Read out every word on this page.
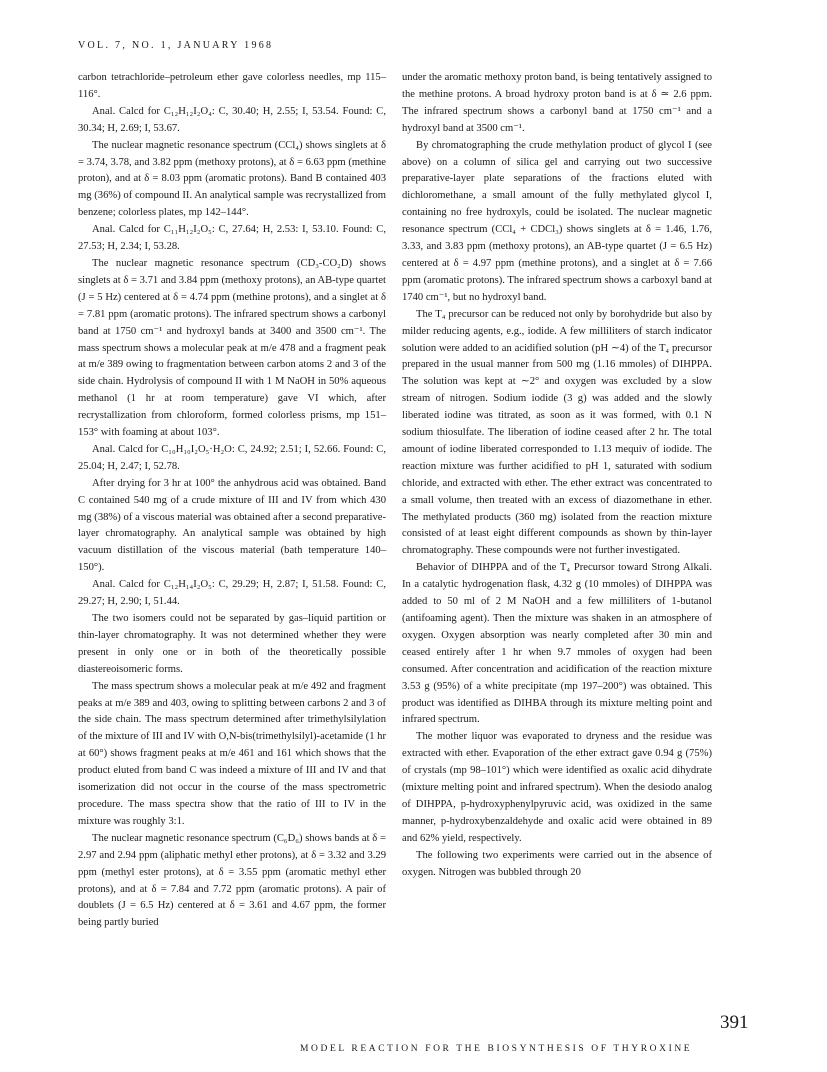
VOL. 7, NO. 1, JANUARY 1968

carbon tetrachloride–petroleum ether gave colorless needles, mp 115–116°.

Anal. Calcd for C₁₂H₁₂I₂O₄: C, 30.40; H, 2.55; I, 53.54. Found: C, 30.34; H, 2.69; I, 53.67.

The nuclear magnetic resonance spectrum (CCl₄) shows singlets at δ = 3.74, 3.78, and 3.82 ppm (methoxy protons), at δ = 6.63 ppm (methine proton), and at δ = 8.03 ppm (aromatic protons). Band B contained 403 mg (36%) of compound II. An analytical sample was recrystallized from benzene; colorless plates, mp 142–144°.

Anal. Calcd for C₁₁H₁₂I₂O₅: C, 27.64; H, 2.53: I, 53.10. Found: C, 27.53; H, 2.34; I, 53.28.

The nuclear magnetic resonance spectrum (CD₃-CO₂D) shows singlets at δ = 3.71 and 3.84 ppm (methoxy protons), an AB-type quartet (J = 5 Hz) centered at δ = 4.74 ppm (methine protons), and a singlet at δ = 7.81 ppm (aromatic protons). The infrared spectrum shows a carbonyl band at 1750 cm⁻¹ and hydroxyl bands at 3400 and 3500 cm⁻¹. The mass spectrum shows a molecular peak at m/e 478 and a fragment peak at m/e 389 owing to fragmentation between carbon atoms 2 and 3 of the side chain. Hydrolysis of compound II with 1 M NaOH in 50% aqueous methanol (1 hr at room temperature) gave VI which, after recrystallization from chloroform, formed colorless prisms, mp 151–153° with foaming at about 103°.

Anal. Calcd for C₁₀H₁₀I₂O₅·H₂O: C, 24.92; 2.51; I, 52.66. Found: C, 25.04; H, 2.47; I, 52.78.

After drying for 3 hr at 100° the anhydrous acid was obtained. Band C contained 540 mg of a crude mixture of III and IV from which 430 mg (38%) of a viscous material was obtained after a second preparative-layer chromatography. An analytical sample was obtained by high vacuum distillation of the viscous material (bath temperature 140–150°).

Anal. Calcd for C₁₂H₁₄I₂O₅: C, 29.29; H, 2.87; I, 51.58. Found: C, 29.27; H, 2.90; I, 51.44.

The two isomers could not be separated by gas–liquid partition or thin-layer chromatography. It was not determined whether they were present in only one or in both of the theoretically possible diastereoisomeric forms.

The mass spectrum shows a molecular peak at m/e 492 and fragment peaks at m/e 389 and 403, owing to splitting between carbons 2 and 3 of the side chain. The mass spectrum determined after trimethylsilylation of the mixture of III and IV with O,N-bis(trimethylsilyl)-acetamide (1 hr at 60°) shows fragment peaks at m/e 461 and 161 which shows that the product eluted from band C was indeed a mixture of III and IV and that isomerization did not occur in the course of the mass spectrometric procedure. The mass spectra show that the ratio of III to IV in the mixture was roughly 3:1.

The nuclear magnetic resonance spectrum (C₆D₆) shows bands at δ = 2.97 and 2.94 ppm (aliphatic methyl ether protons), at δ = 3.32 and 3.29 ppm (methyl ester protons), at δ = 3.55 ppm (aromatic methyl ether protons), and at δ = 7.84 and 7.72 ppm (aromatic protons). A pair of doublets (J = 6.5 Hz) centered at δ = 3.61 and 4.67 ppm, the former being partly buried

under the aromatic methoxy proton band, is being tentatively assigned to the methine protons. A broad hydroxy proton band is at δ ≃ 2.6 ppm. The infrared spectrum shows a carbonyl band at 1750 cm⁻¹ and a hydroxyl band at 3500 cm⁻¹.

By chromatographing the crude methylation product of glycol I (see above) on a column of silica gel and carrying out two successive preparative-layer plate separations of the fractions eluted with dichloromethane, a small amount of the fully methylated glycol I, containing no free hydroxyls, could be isolated. The nuclear magnetic resonance spectrum (CCl₄ + CDCl₃) shows singlets at δ = 1.46, 1.76, 3.33, and 3.83 ppm (methoxy protons), an AB-type quartet (J = 6.5 Hz) centered at δ = 4.97 ppm (methine protons), and a singlet at δ = 7.66 ppm (aromatic protons). The infrared spectrum shows a carboxyl band at 1740 cm⁻¹, but no hydroxyl band.

The T₄ precursor can be reduced not only by borohydride but also by milder reducing agents, e.g., iodide. A few milliliters of starch indicator solution were added to an acidified solution (pH ∼4) of the T₄ precursor prepared in the usual manner from 500 mg (1.16 mmoles) of DIHPPA. The solution was kept at ∼2° and oxygen was excluded by a slow stream of nitrogen. Sodium iodide (3 g) was added and the slowly liberated iodine was titrated, as soon as it was formed, with 0.1 N sodium thiosulfate. The liberation of iodine ceased after 2 hr. The total amount of iodine liberated corresponded to 1.13 mequiv of iodide. The reaction mixture was further acidified to pH 1, saturated with sodium chloride, and extracted with ether. The ether extract was concentrated to a small volume, then treated with an excess of diazomethane in ether. The methylated products (360 mg) isolated from the reaction mixture consisted of at least eight different compounds as shown by thin-layer chromatography. These compounds were not further investigated.

Behavior of DIHPPA and of the T₄ Precursor toward Strong Alkali. In a catalytic hydrogenation flask, 4.32 g (10 mmoles) of DIHPPA was added to 50 ml of 2 M NaOH and a few milliliters of 1-butanol (antifoaming agent). Then the mixture was shaken in an atmosphere of oxygen. Oxygen absorption was nearly completed after 30 min and ceased entirely after 1 hr when 9.7 mmoles of oxygen had been consumed. After concentration and acidification of the reaction mixture 3.53 g (95%) of a white precipitate (mp 197–200°) was obtained. This product was identified as DIHBA through its mixture melting point and infrared spectrum.

The mother liquor was evaporated to dryness and the residue was extracted with ether. Evaporation of the ether extract gave 0.94 g (75%) of crystals (mp 98–101°) which were identified as oxalic acid dihydrate (mixture melting point and infrared spectrum). When the desiodo analog of DIHPPA, p-hydroxyphenylpyruvic acid, was oxidized in the same manner, p-hydroxybenzaldehyde and oxalic acid were obtained in 89 and 62% yield, respectively.

The following two experiments were carried out in the absence of oxygen. Nitrogen was bubbled through 20

391
MODEL REACTION FOR THE BIOSYNTHESIS OF THYROXINE
